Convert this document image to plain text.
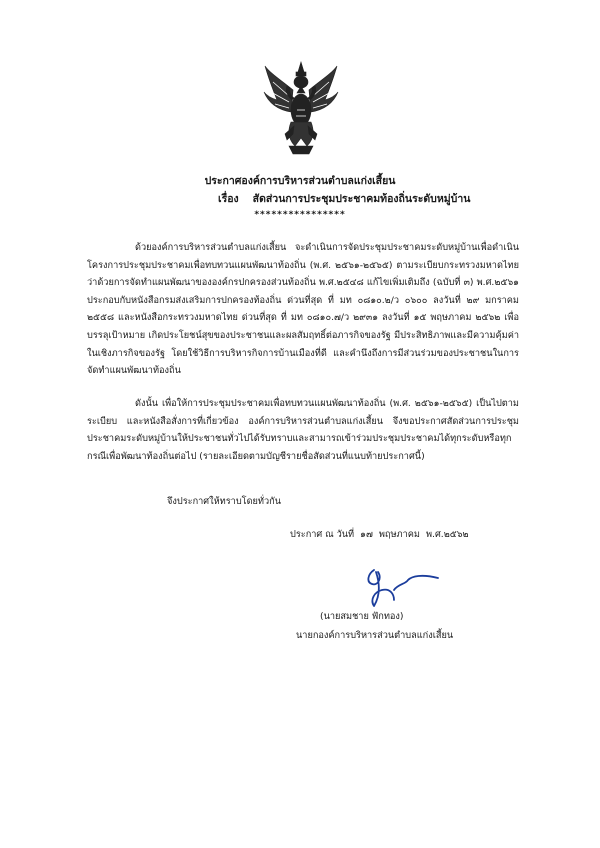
ประกาศองค์การบริหารส่วนตำบลแก่งเสี้ยน
เรื่อง สัดส่วนการประชุมประชาคมท้องถิ่นระดับหมู่บ้าน
****************
ด้วยองค์การบริหารส่วนตำบลแก่งเสี้ยน จะดำเนินการจัดประชุมประชาคมระดับหมู่บ้านเพื่อดำเนินโครงการประชุมประชาคมเพื่อทบทวนแผนพัฒนาท้องถิ่น (พ.ศ. ๒๕๖๑-๒๕๖๕) ตามระเบียบกระทรวงมหาดไทยว่าด้วยการจัดทำแผนพัฒนาขององค์กรปกครองส่วนท้องถิ่น พ.ศ.๒๕๔๘ แก้ไขเพิ่มเติมถึง (ฉบับที่ ๓) พ.ศ.๒๕๖๑ ประกอบกับหนังสือกรมส่งเสริมการปกครองท้องถิ่น ด่วนที่สุด ที่ มท ๐๘๑๐.๒/ว ๐๖๐๐ ลงวันที่ ๒๙ มกราคม ๒๕๕๘ และหนังสือกระทรวงมหาดไทย ด่วนที่สุด ที่ มท ๐๘๑๐.๗/ว ๒๙๓๑ ลงวันที่ ๑๕ พฤษภาคม ๒๕๖๒ เพื่อบรรลุเป้าหมาย เกิดประโยชน์สุขของประชาชนและผลสัมฤทธิ์ต่อภารกิจของรัฐ มีประสิทธิภาพและมีความคุ้มค่าในเชิงภารกิจของรัฐ โดยใช้วิธีการบริหารกิจการบ้านเมืองที่ดี และคำนึงถึงการมีส่วนร่วมของประชาชนในการจัดทำแผนพัฒนาท้องถิ่น
ดังนั้น เพื่อให้การประชุมประชาคมเพื่อทบทวนแผนพัฒนาท้องถิ่น (พ.ศ. ๒๕๖๑-๒๕๖๕) เป็นไปตามระเบียบ และหนังสือสั่งการที่เกี่ยวข้อง องค์การบริหารส่วนตำบลแก่งเสี้ยน จึงขอประกาศสัดส่วนการประชุมประชาคมระดับหมู่บ้านให้ประชาชนทั่วไปได้รับทราบและสามารถเข้าร่วมประชุมประชาคมได้ทุกระดับหรือทุกกรณีเพื่อพัฒนาท้องถิ่นต่อไป (รายละเอียดตามบัญชีรายชื่อสัดส่วนที่แนบท้ายประกาศนี้)
จึงประกาศให้ทราบโดยทั่วกัน
ประกาศ ณ วันที่ ๑๗ พฤษภาคม พ.ศ.๒๕๖๒
(นายสมชาย ฟักทอง)
นายกองค์การบริหารส่วนตำบลแก่งเสี้ยน
